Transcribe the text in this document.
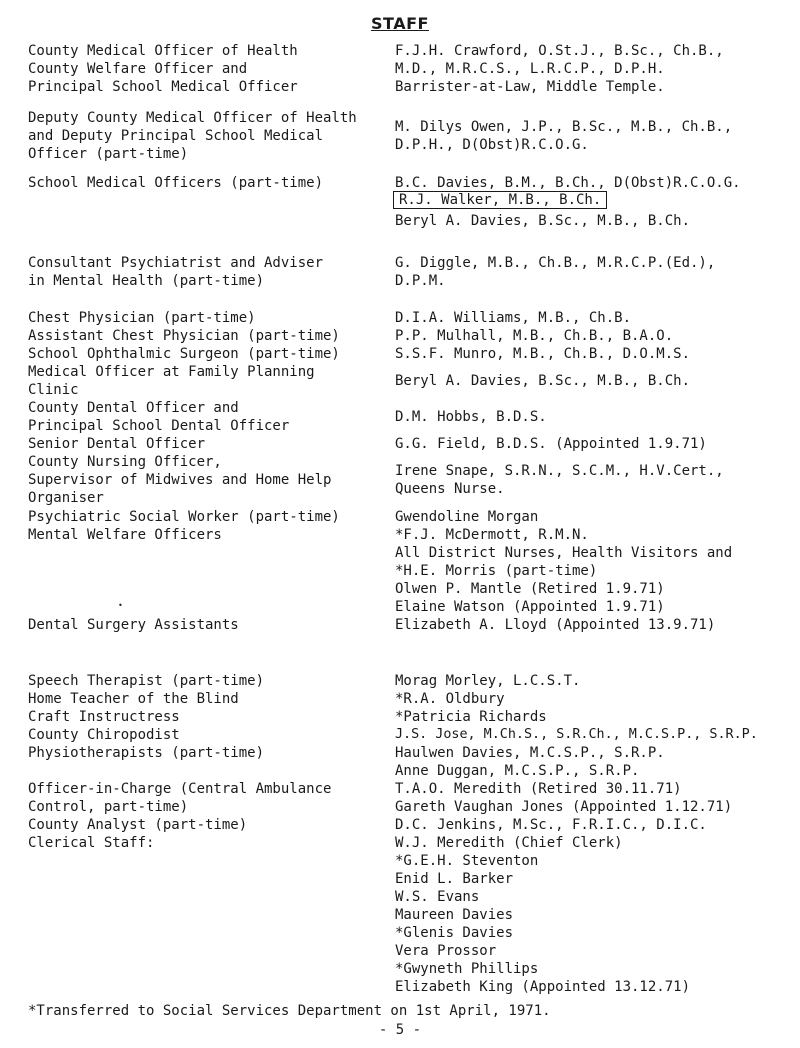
STAFF
County Medical Officer of Health
County Welfare Officer and
Principal School Medical Officer
Deputy County Medical Officer of Health
and Deputy Principal School Medical
Officer (part-time)
School Medical Officers (part-time)
Consultant Psychiatrist and Adviser
in Mental Health (part-time)
Chest Physician (part-time)
Assistant Chest Physician (part-time)
School Ophthalmic Surgeon (part-time)
Medical Officer at Family Planning
Clinic
County Dental Officer and
Principal School Dental Officer
Senior Dental Officer
County Nursing Officer,
Supervisor of Midwives and Home Help
Organiser
Psychiatric Social Worker (part-time)
Mental Welfare Officers
Dental Surgery Assistants
Speech Therapist (part-time)
Home Teacher of the Blind
Craft Instructress
County Chiropodist
Physiotherapists (part-time)
Officer-in-Charge (Central Ambulance
Control, part-time)
County Analyst (part-time)
Clerical Staff:
•
F.J.H. Crawford, O.St.J., B.Sc., Ch.B.,
M.D., M.R.C.S., L.R.C.P., D.P.H.
Barrister-at-Law, Middle Temple.
M. Dilys Owen, J.P., B.Sc., M.B., Ch.B.,
D.P.H., D(Obst)R.C.O.G.
B.C. Davies, B.M., B.Ch., D(Obst)R.C.O.G.
R.J. Walker, M.B., B.Ch.
Beryl A. Davies, B.Sc., M.B., B.Ch.
G. Diggle, M.B., Ch.B., M.R.C.P.(Ed.),
D.P.M.
D.I.A. Williams, M.B., Ch.B.
P.P. Mulhall, M.B., Ch.B., B.A.O.
S.S.F. Munro, M.B., Ch.B., D.O.M.S.
Beryl A. Davies, B.Sc., M.B., B.Ch.
D.M. Hobbs, B.D.S.
G.G. Field, B.D.S. (Appointed 1.9.71)
Irene Snape, S.R.N., S.C.M., H.V.Cert.,
Queens Nurse.
Gwendoline Morgan
*F.J. McDermott, R.M.N.
All District Nurses, Health Visitors and
*H.E. Morris (part-time)
Olwen P. Mantle (Retired 1.9.71)
Elaine Watson (Appointed 1.9.71)
Elizabeth A. Lloyd (Appointed 13.9.71)
Morag Morley, L.C.S.T.
*R.A. Oldbury
*Patricia Richards
J.S. Jose, M.Ch.S., S.R.Ch., M.C.S.P., S.R.P.
Haulwen Davies, M.C.S.P., S.R.P.
Anne Duggan, M.C.S.P., S.R.P.
T.A.O. Meredith (Retired 30.11.71)
Gareth Vaughan Jones (Appointed 1.12.71)
D.C. Jenkins, M.Sc., F.R.I.C., D.I.C.
W.J. Meredith (Chief Clerk)
*G.E.H. Steventon
Enid L. Barker
W.S. Evans
Maureen Davies
*Glenis Davies
Vera Prossor
*Gwyneth Phillips
Elizabeth King (Appointed 13.12.71)
*Transferred to Social Services Department on 1st April, 1971.
- 5 -
